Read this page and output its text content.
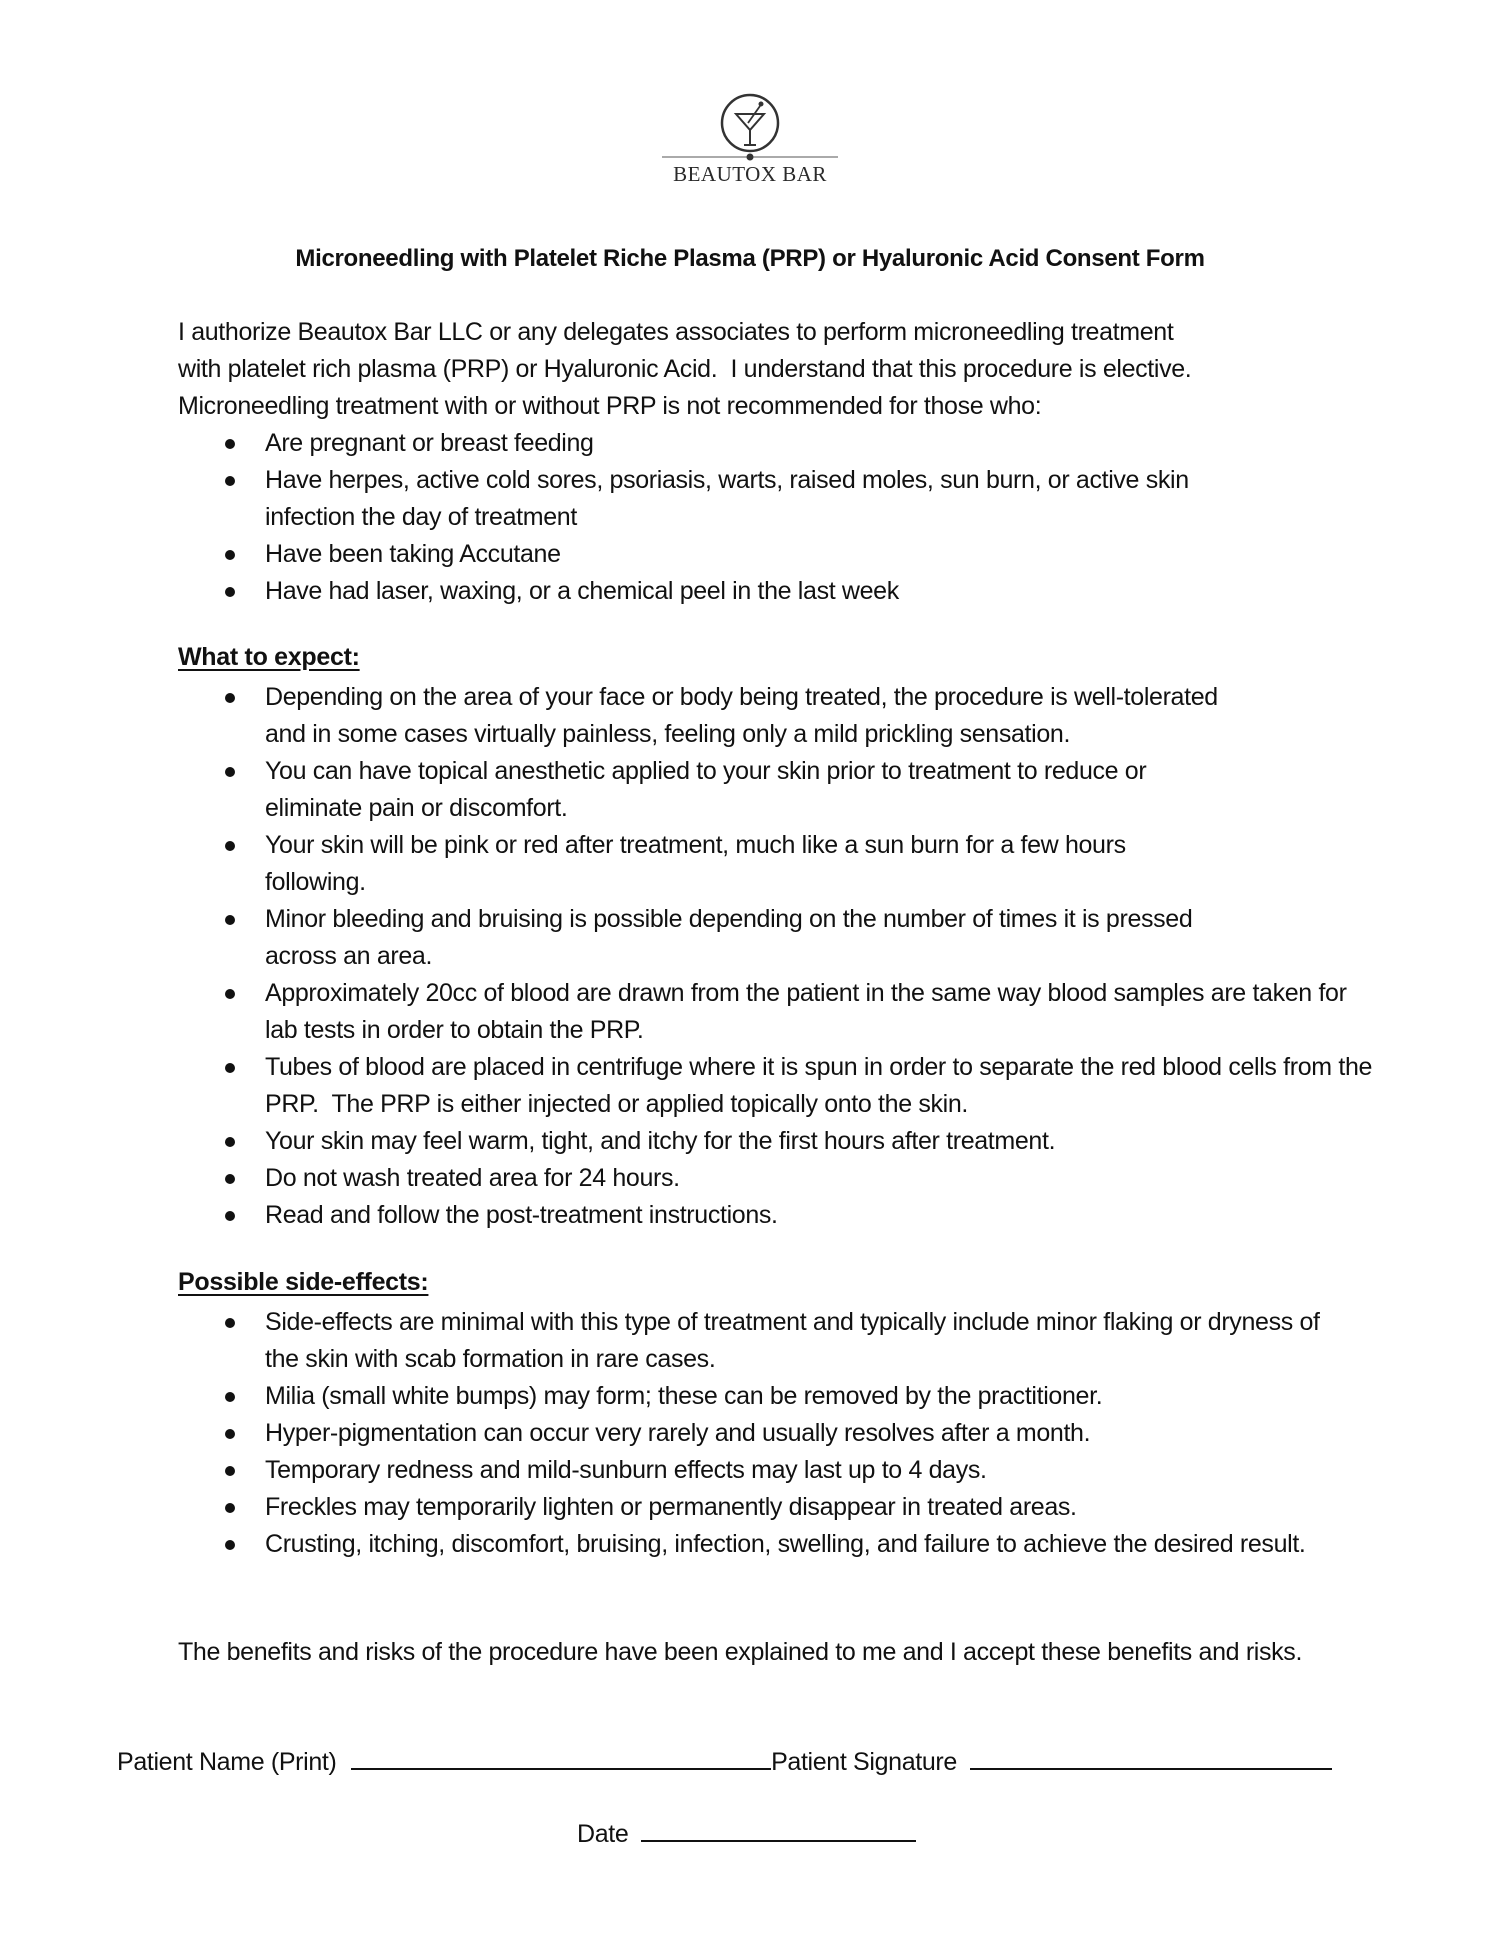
BEAUTOX BAR
Microneedling with Platelet Riche Plasma (PRP) or Hyaluronic Acid Consent Form
I authorize Beautox Bar LLC or any delegates associates to perform microneedling treatment
with platelet rich plasma (PRP) or Hyaluronic Acid.  I understand that this procedure is elective.
Microneedling treatment with or without PRP is not recommended for those who:
Are pregnant or breast feeding
Have herpes, active cold sores, psoriasis, warts, raised moles, sun burn, or active skin infection the day of treatment
Have been taking Accutane
Have had laser, waxing, or a chemical peel in the last week
What to expect:
Depending on the area of your face or body being treated, the procedure is well-tolerated and in some cases virtually painless, feeling only a mild prickling sensation.
You can have topical anesthetic applied to your skin prior to treatment to reduce or eliminate pain or discomfort.
Your skin will be pink or red after treatment, much like a sun burn for a few hours following.
Minor bleeding and bruising is possible depending on the number of times it is pressed across an area.
Approximately 20cc of blood are drawn from the patient in the same way blood samples are taken for lab tests in order to obtain the PRP.
Tubes of blood are placed in centrifuge where it is spun in order to separate the red blood cells from the PRP.  The PRP is either injected or applied topically onto the skin.
Your skin may feel warm, tight, and itchy for the first hours after treatment.
Do not wash treated area for 24 hours.
Read and follow the post-treatment instructions.
Possible side-effects:
Side-effects are minimal with this type of treatment and typically include minor flaking or dryness of the skin with scab formation in rare cases.
Milia (small white bumps) may form; these can be removed by the practitioner.
Hyper-pigmentation can occur very rarely and usually resolves after a month.
Temporary redness and mild-sunburn effects may last up to 4 days.
Freckles may temporarily lighten or permanently disappear in treated areas.
Crusting, itching, discomfort, bruising, infection, swelling, and failure to achieve the desired result.
The benefits and risks of the procedure have been explained to me and I accept these benefits and risks.
Patient Name (Print)	Patient Signature
Date
